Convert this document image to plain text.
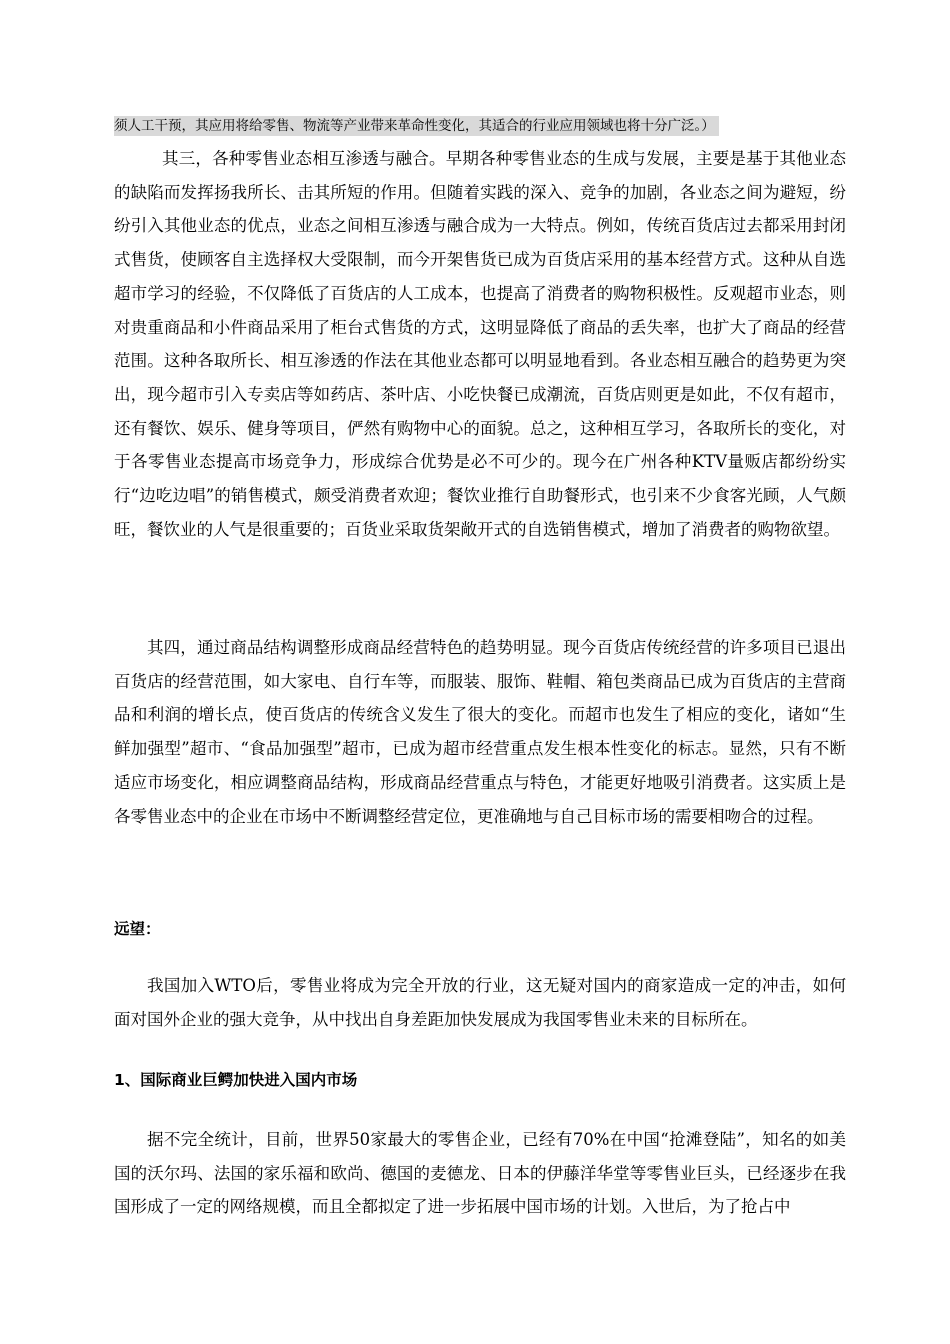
须人工干预，其应用将给零售、物流等产业带来革命性变化，其适合的行业应用领域也将十分广泛。）

其三，各种零售业态相互渗透与融合。早期各种零售业态的生成与发展，主要是基于其他业态的缺陷而发挥扬我所长、击其所短的作用。但随着实践的深入、竞争的加剧，各业态之间为避短，纷纷引入其他业态的优点，业态之间相互渗透与融合成为一大特点。例如，传统百货店过去都采用封闭式售货，使顾客自主选择权大受限制，而今开架售货已成为百货店采用的基本经营方式。这种从自选超市学习的经验，不仅降低了百货店的人工成本，也提高了消费者的购物积极性。反观超市业态，则对贵重商品和小件商品采用了柜台式售货的方式，这明显降低了商品的丢失率，也扩大了商品的经营范围。这种各取所长、相互渗透的作法在其他业态都可以明显地看到。各业态相互融合的趋势更为突出，现今超市引入专卖店等如药店、茶叶店、小吃快餐已成潮流，百货店则更是如此，不仅有超市，还有餐饮、娱乐、健身等项目，俨然有购物中心的面貌。总之，这种相互学习，各取所长的变化，对于各零售业态提高市场竞争力，形成综合优势是必不可少的。现今在广州各种KTV量贩店都纷纷实行“边吃边唱”的销售模式，颇受消费者欢迎；餐饮业推行自助餐形式，也引来不少食客光顾，人气颇旺，餐饮业的人气是很重要的；百货业采取货架敞开式的自选销售模式，增加了消费者的购物欲望。

其四，通过商品结构调整形成商品经营特色的趋势明显。现今百货店传统经营的许多项目已退出百货店的经营范围，如大家电、自行车等，而服装、服饰、鞋帽、箱包类商品已成为百货店的主营商品和利润的增长点，使百货店的传统含义发生了很大的变化。而超市也发生了相应的变化，诸如“生鲜加强型”超市、“食品加强型”超市，已成为超市经营重点发生根本性变化的标志。显然，只有不断适应市场变化，相应调整商品结构，形成商品经营重点与特色，才能更好地吸引消费者。这实质上是各零售业态中的企业在市场中不断调整经营定位，更准确地与自己目标市场的需要相吻合的过程。

远望：

我国加入WTO后，零售业将成为完全开放的行业，这无疑对国内的商家造成一定的冲击，如何面对国外企业的强大竞争，从中找出自身差距加快发展成为我国零售业未来的目标所在。

1、国际商业巨鳄加快进入国内市场

据不完全统计，目前，世界50家最大的零售企业，已经有70%在中国“抢滩登陆”，知名的如美国的沃尔玛、法国的家乐福和欧尚、德国的麦德龙、日本的伊藤洋华堂等零售业巨头，已经逐步在我国形成了一定的网络规模，而且全都拟定了进一步拓展中国市场的计划。入世后，为了抢占中
